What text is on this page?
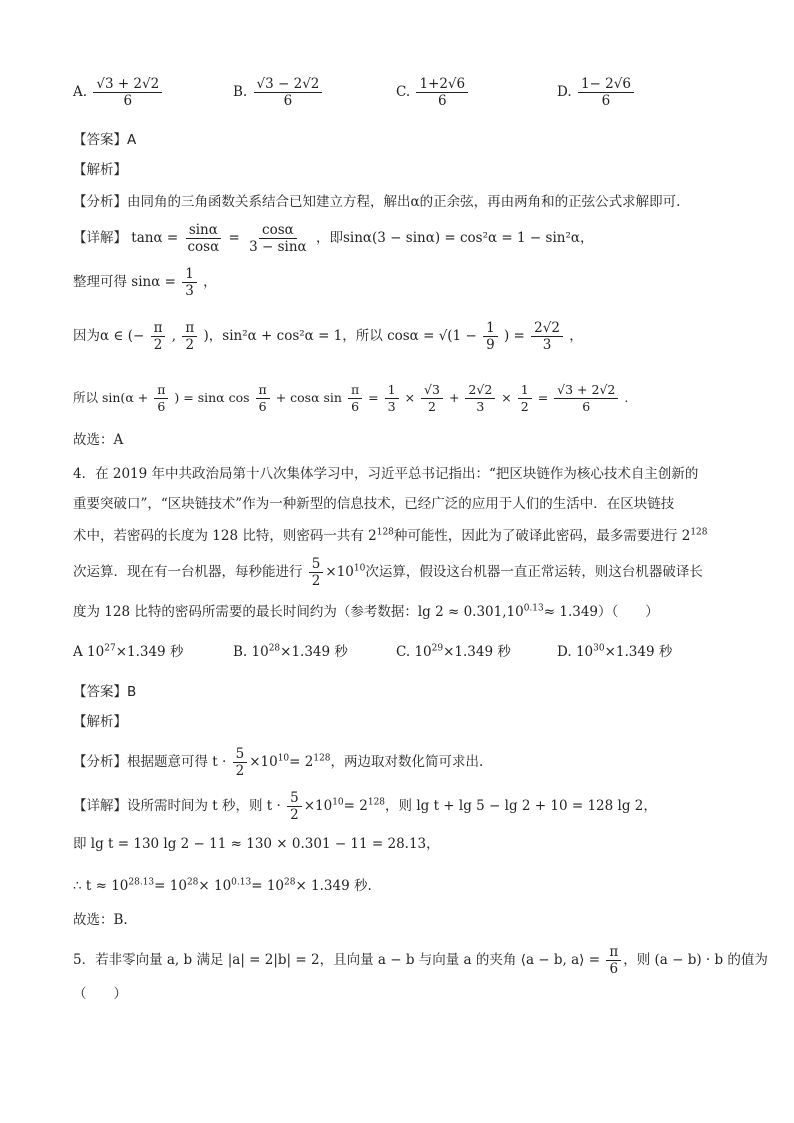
A. $\frac{√3 + 2√2}{6}$	B. $\frac{√3 - 2√2}{6}$	C. $\frac{1+2√6}{6}$	D. $\frac{1- 2√6}{6}$
【答案】A
【解析】
【分析】由同角的三角函数关系结合已知建立方程，解出α的正余弦，再由两角和的正弦公式求解即可.
【详解】 $\tan\alpha = \frac{\sin\alpha}{\cos\alpha} = \frac{\cos\alpha}{3 - \sin\alpha}$ ，即sinα(3 − sinα) = cos²α = 1 − sin²α，
整理可得 $\sin\alpha = \frac{1}{3}$ ，
因为α ∈ (− $\frac{\pi}{2}$ , $\frac{\pi}{2}$ )，sin²α + cos²α = 1，所以 $\cos\alpha = √(1 - \frac{1}{9}$ ) = $\frac{2√2}{3}$ ，
所以 $\sin(\alpha + \frac{\pi}{6}$ ) = sinα $\cos \frac{\pi}{6} + \cos\alpha$ $\sin \frac{\pi}{6} = \frac{1}{3} \times \frac{√3}{2} + \frac{2√2}{3} \times \frac{1}{2} = \frac{√3 + 2√2}{6}$ .
故选：A
4．在 2019 年中共政治局第十八次集体学习中，习近平总书记指出：“把区块链作为核心技术自主创新的
重要突破口”，“区块链技术”作为一种新型的信息技术，已经广泛的应用于人们的生活中．在区块链技
术中，若密码的长度为 128 比特，则密码一共有 $2^{128}$种可能性，因此为了破译此密码，最多需要进行 $2^{128}$
次运算．现在有一台机器，每秒能进行 $\frac{5}{2} \times 10^{10}$次运算，假设这台机器一直正常运转，则这台机器破译长
度为 128 比特的密码所需要的最长时间约为（参考数据：$\lg 2 \approx 0.301,10^{0.13}\approx 1.349$）（　　）
A $10^{27}\times 1.349$ 秒	B. $10^{28}\times 1.349$ 秒	C. $10^{29}\times 1.349$ 秒	D. $10^{30}\times 1.349$ 秒
【答案】B
【解析】
【分析】根据题意可得 $t \cdot \frac{5}{2} \times 10^{10}= 2^{128}$，两边取对数化简可求出.
【详解】设所需时间为 t 秒，则 $t \cdot \frac{5}{2} \times 10^{10}= 2^{128}$，则 lg t + lg 5 − lg 2 + 10 = 128 lg 2，
即 lg t = 130 lg 2 − 11 ≈ 130 × 0.301 − 11 = 28.13，
∴ $t \approx 10^{28.13}= 10^{28}\times 10^{0.13}= 10^{28}\times 1.349$ 秒.
故选：B.
5．若非零向量 a, b 满足 |a| = 2|b| = 2，且向量 a − b 与向量 a 的夹角 ⟨a − b, a⟩ = $\frac{\pi}{6}$ ，则 (a − b) · b 的值为
（　　）
